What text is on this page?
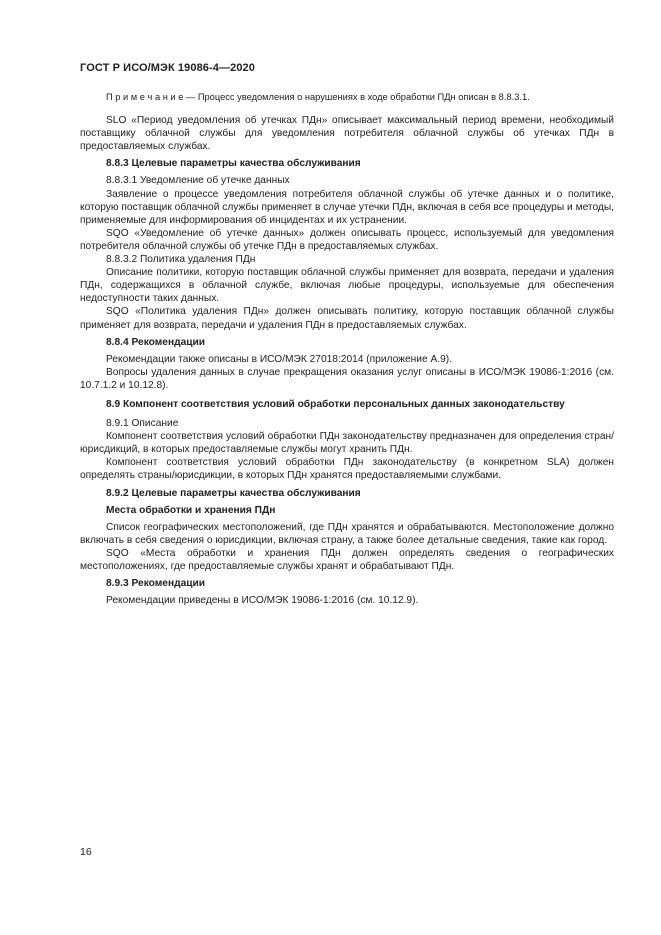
ГОСТ Р ИСО/МЭК 19086-4—2020

П р и м е ч а н и е — Процесс уведомления о нарушениях в ходе обработки ПДн описан в 8.8.3.1.

SLO «Период уведомления об утечках ПДн» описывает максимальный период времени, необходимый поставщику облачной службы для уведомления потребителя облачной службы об утечках ПДн в предоставляемых службах.

8.8.3 Целевые параметры качества обслуживания

8.8.3.1 Уведомление об утечке данных

Заявление о процессе уведомления потребителя облачной службы об утечке данных и о политике, которую поставщик облачной службы применяет в случае утечки ПДн, включая в себя все процедуры и методы, применяемые для информирования об инцидентах и их устранении.

SQO «Уведомление об утечке данных» должен описывать процесс, используемый для уведомления потребителя облачной службы об утечке ПДн в предоставляемых службах.

8.8.3.2 Политика удаления ПДн

Описание политики, которую поставщик облачной службы применяет для возврата, передачи и удаления ПДн, содержащихся в облачной службе, включая любые процедуры, используемые для обеспечения недоступности таких данных.

SQO «Политика удаления ПДн» должен описывать политику, которую поставщик облачной службы применяет для возврата, передачи и удаления ПДн в предоставляемых службах.

8.8.4 Рекомендации

Рекомендации также описаны в ИСО/МЭК 27018:2014 (приложение А.9).

Вопросы удаления данных в случае прекращения оказания услуг описаны в ИСО/МЭК 19086-1:2016 (см. 10.7.1.2 и 10.12.8).

8.9 Компонент соответствия условий обработки персональных данных законодательству

8.9.1 Описание

Компонент соответствия условий обработки ПДн законодательству предназначен для определения стран/юрисдикций, в которых предоставляемые службы могут хранить ПДн.

Компонент соответствия условий обработки ПДн законодательству (в конкретном SLA) должен определять страны/юрисдикции, в которых ПДн хранятся предоставляемыми службами.

8.9.2 Целевые параметры качества обслуживания

Места обработки и хранения ПДн

Список географических местоположений, где ПДн хранятся и обрабатываются. Местоположение должно включать в себя сведения о юрисдикции, включая страну, а также более детальные сведения, такие как город.

SQO «Места обработки и хранения ПДн должен определять сведения о географических местоположениях, где предоставляемые службы хранят и обрабатывают ПДн.

8.9.3 Рекомендации

Рекомендации приведены в ИСО/МЭК 19086-1:2016 (см. 10.12.9).

16
